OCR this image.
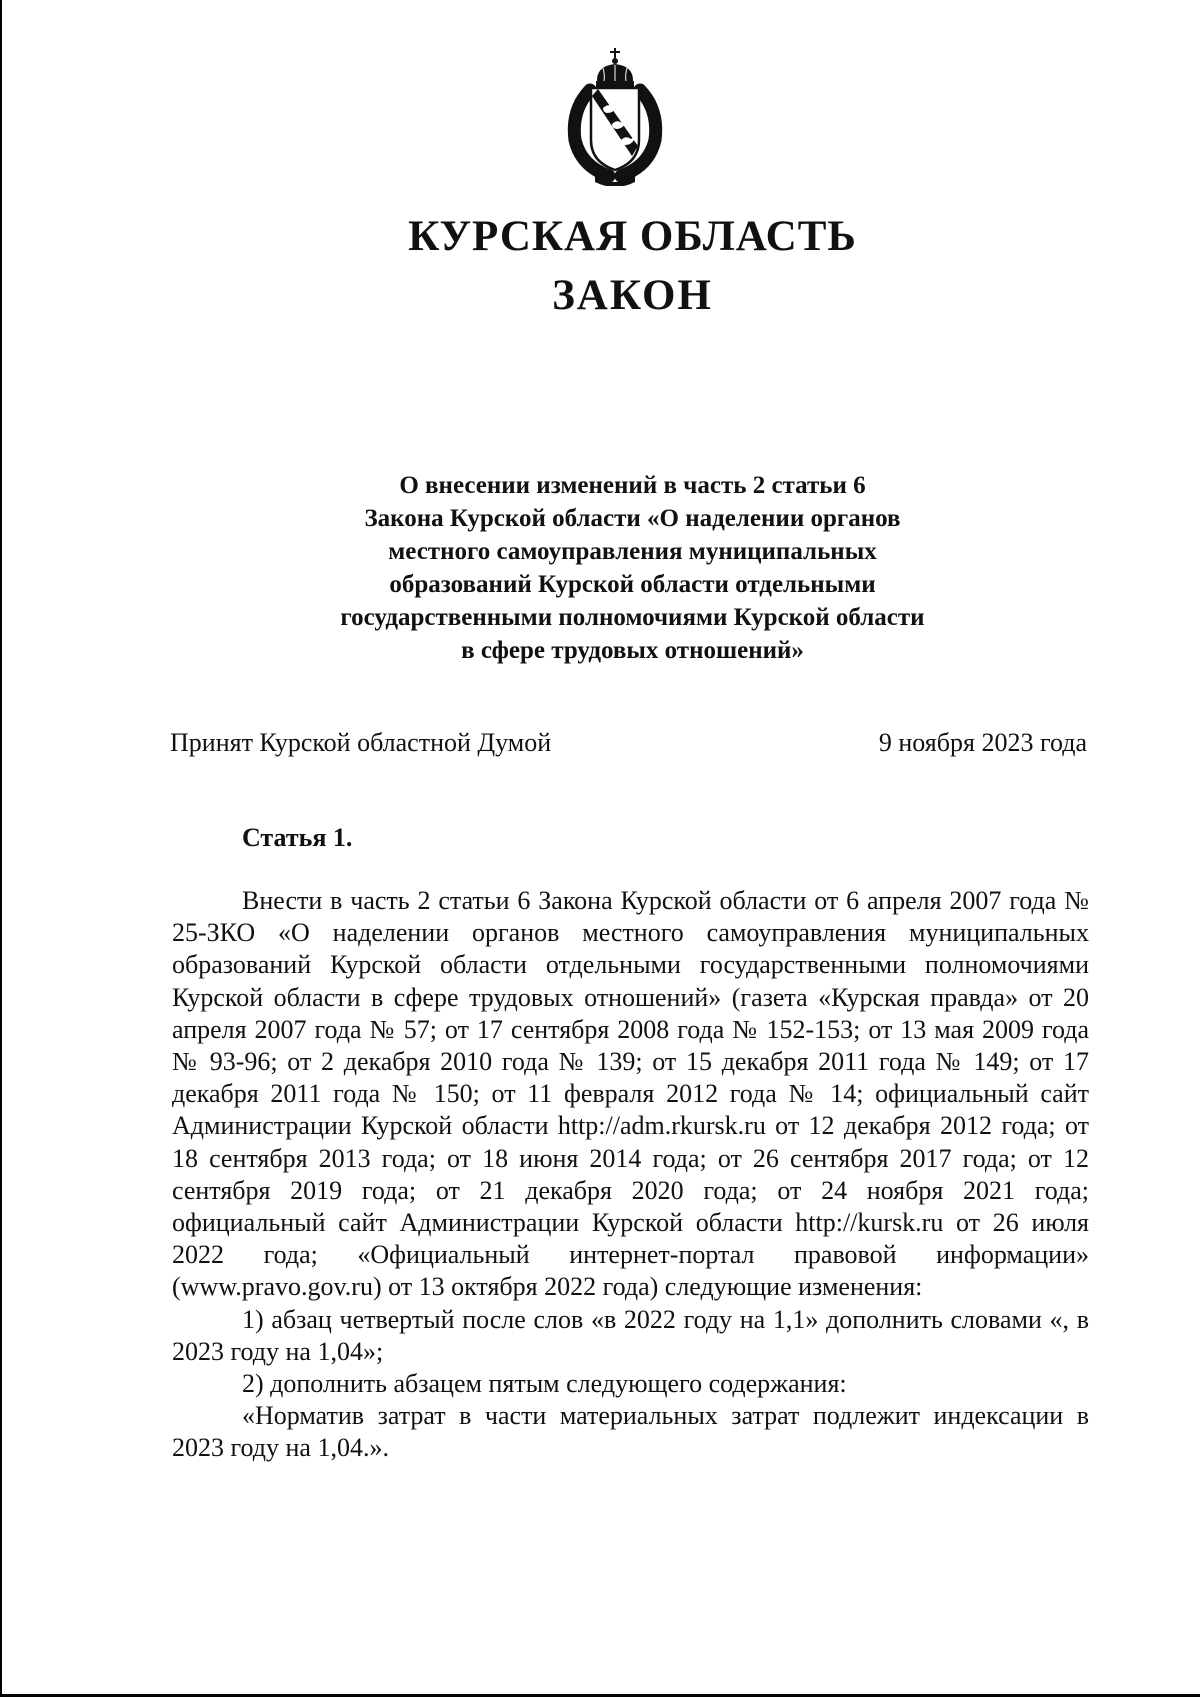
КУРСКАЯ ОБЛАСТЬ
ЗАКОН
О внесении изменений в часть 2 статьи 6
Закона Курской области «О наделении органов
местного самоуправления муниципальных
образований Курской области отдельными
государственными полномочиями Курской области
в сфере трудовых отношений»
Принят Курской областной Думой	9 ноября 2023 года
Статья 1.

Внести в часть 2 статьи 6 Закона Курской области от 6 апреля 2007 года № 25-ЗКО «О наделении органов местного самоуправления муниципальных образований Курской области отдельными государственными полномочиями Курской области в сфере трудовых отношений» (газета «Курская правда» от 20 апреля 2007 года № 57; от 17 сентября 2008 года № 152-153; от 13 мая 2009 года № 93-96; от 2 декабря 2010 года № 139; от 15 декабря 2011 года № 149; от 17 декабря 2011 года № 150; от 11 февраля 2012 года № 14; официальный сайт Администрации Курской области http://adm.rkursk.ru от 12 декабря 2012 года; от 18 сентября 2013 года; от 18 июня 2014 года; от 26 сентября 2017 года; от 12 сентября 2019 года; от 21 декабря 2020 года; от 24 ноября 2021 года; официальный сайт Администрации Курской области http://kursk.ru от 26 июля 2022 года; «Официальный интернет-портал правовой информации» (www.pravo.gov.ru) от 13 октября 2022 года) следующие изменения:

1) абзац четвертый после слов «в 2022 году на 1,1» дополнить словами «, в 2023 году на 1,04»;

2) дополнить абзацем пятым следующего содержания:

«Норматив затрат в части материальных затрат подлежит индексации в 2023 году на 1,04.».
